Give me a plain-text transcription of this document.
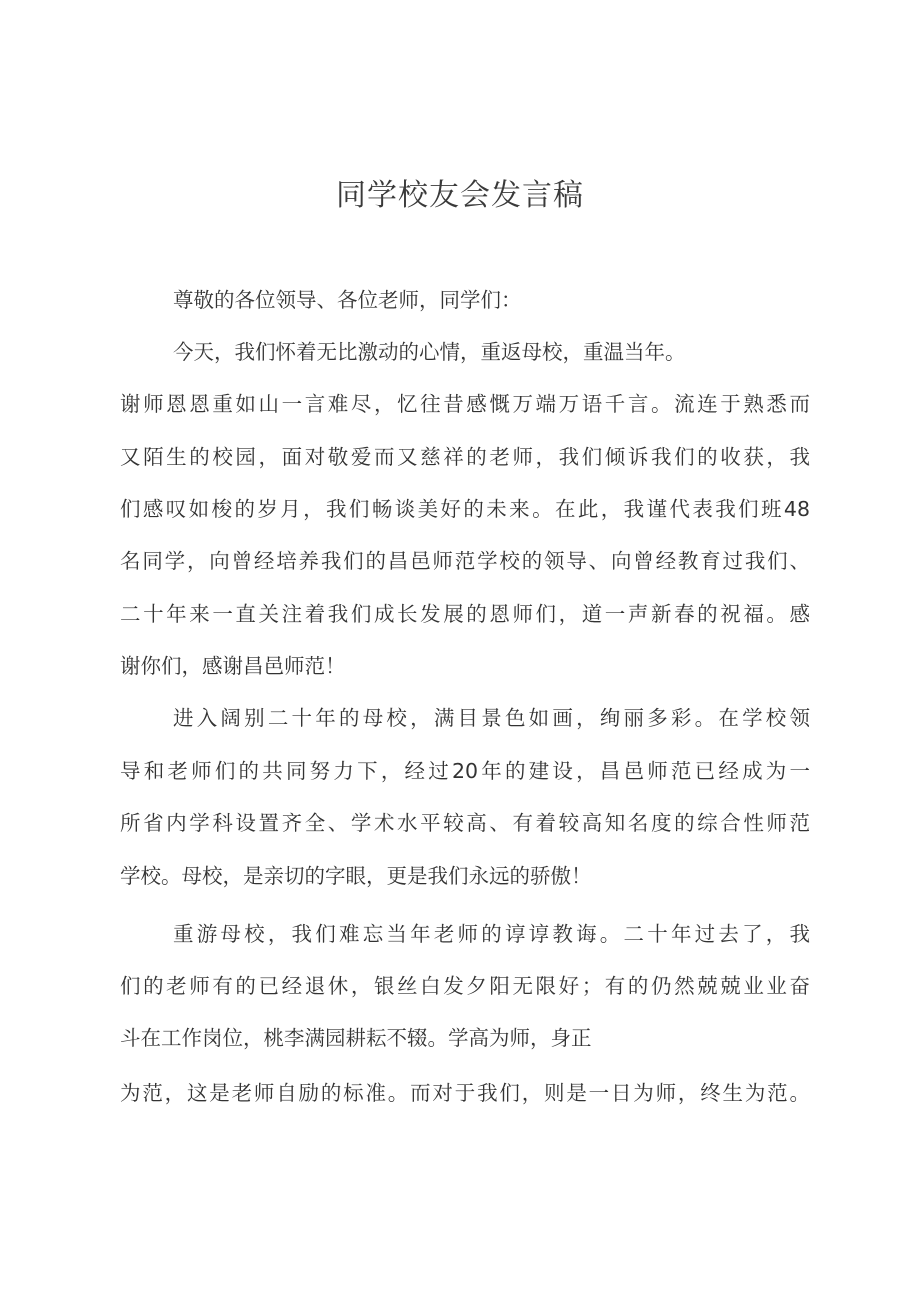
同学校友会发言稿
尊敬的各位领导、各位老师，同学们：
今天，我们怀着无比激动的心情，重返母校，重温当年。
谢师恩恩重如山一言难尽，忆往昔感慨万端万语千言。流连于熟悉而
又陌生的校园，面对敬爱而又慈祥的老师，我们倾诉我们的收获，我
们感叹如梭的岁月，我们畅谈美好的未来。在此，我谨代表我们班48
名同学，向曾经培养我们的昌邑师范学校的领导、向曾经教育过我们、
二十年来一直关注着我们成长发展的恩师们，道一声新春的祝福。感
谢你们，感谢昌邑师范！
进入阔别二十年的母校，满目景色如画，绚丽多彩。在学校领
导和老师们的共同努力下，经过20年的建设，昌邑师范已经成为一
所省内学科设置齐全、学术水平较高、有着较高知名度的综合性师范
学校。母校，是亲切的字眼，更是我们永远的骄傲！
重游母校，我们难忘当年老师的谆谆教诲。二十年过去了，我
们的老师有的已经退休，银丝白发夕阳无限好；有的仍然兢兢业业奋
斗在工作岗位，桃李满园耕耘不辍。学高为师，身正
为范，这是老师自励的标准。而对于我们，则是一日为师，终生为范。
